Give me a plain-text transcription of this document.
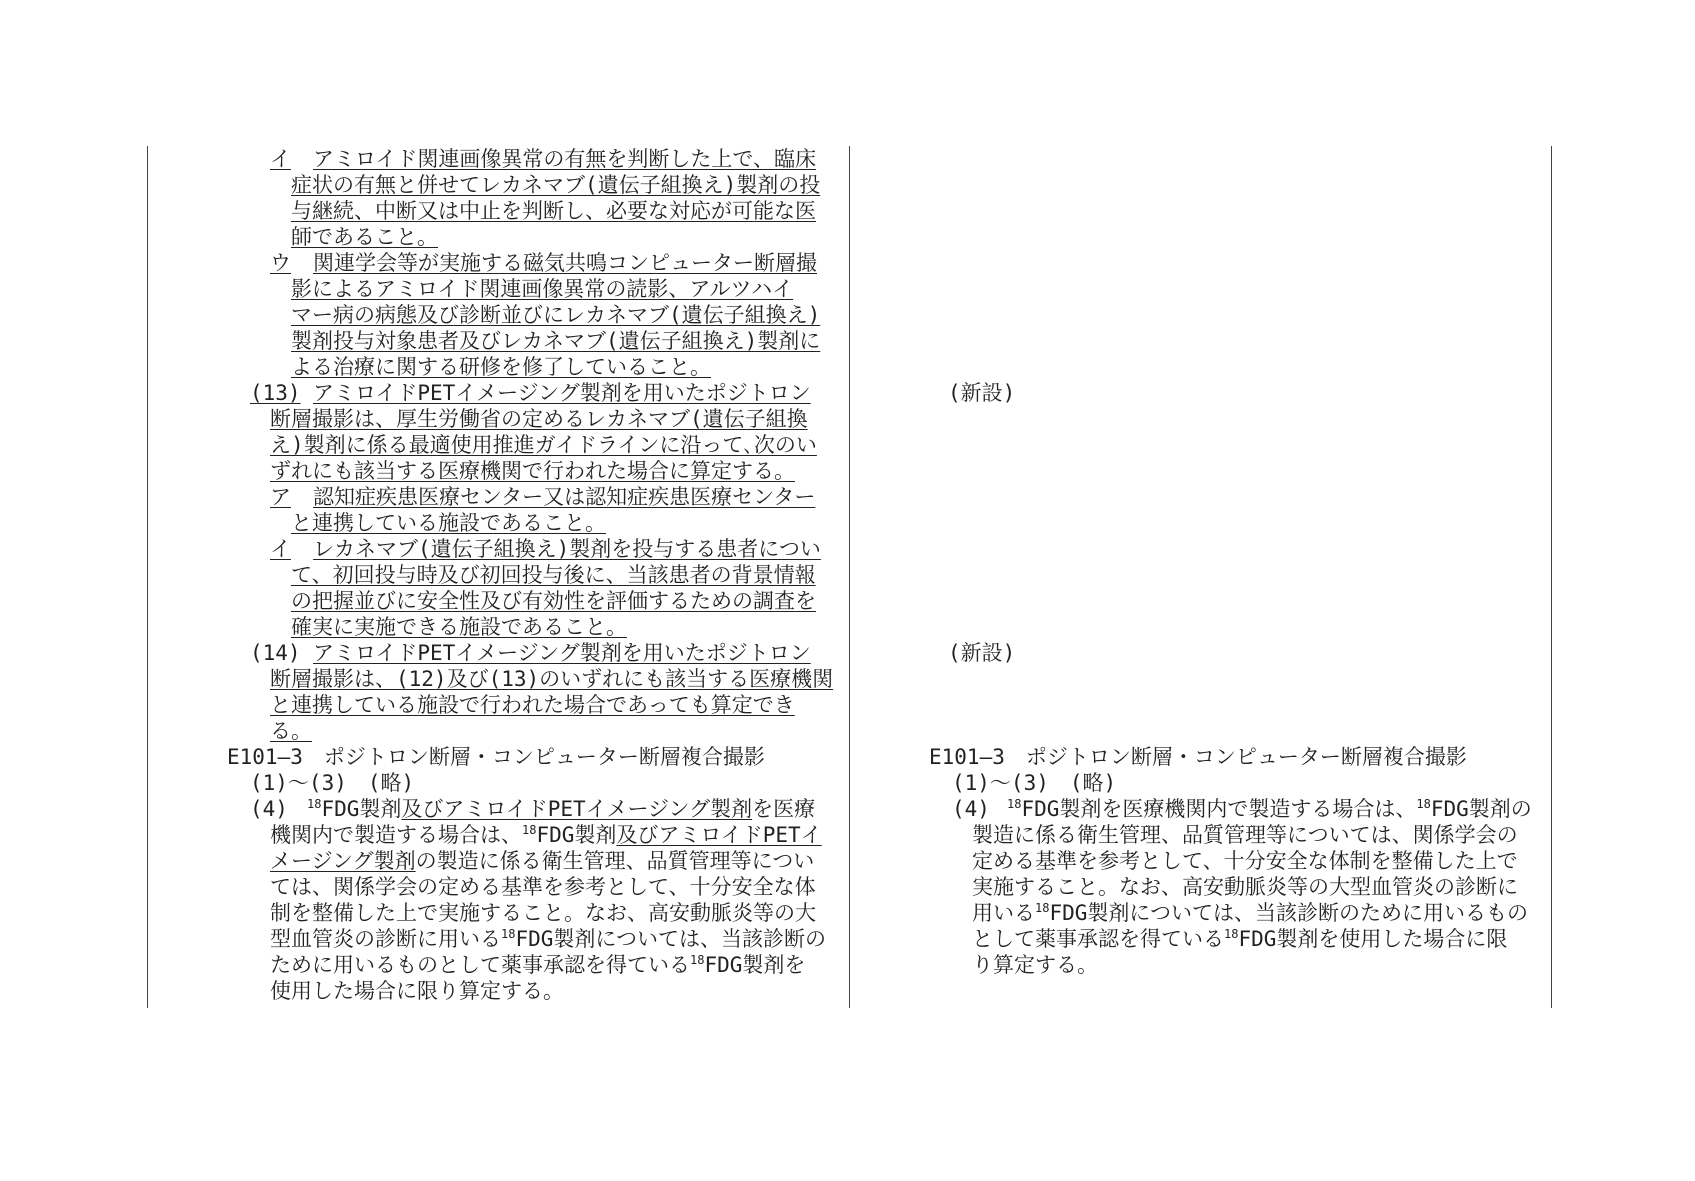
イ アミロイド関連画像異常の有無を判断した上で、臨床
症状の有無と併せてレカネマブ(遺伝子組換え)製剤の投
与継続、中断又は中止を判断し、必要な対応が可能な医
師であること。
ウ 関連学会等が実施する磁気共鳴コンピューター断層撮
影によるアミロイド関連画像異常の読影、アルツハイ
マー病の病態及び診断並びにレカネマブ(遺伝子組換え)
製剤投与対象患者及びレカネマブ(遺伝子組換え)製剤に
よる治療に関する研修を修了していること。
(13) アミロイドPETイメージング製剤を用いたポジトロン
断層撮影は、厚生労働省の定めるレカネマブ(遺伝子組換
え)製剤に係る最適使用推進ガイドラインに沿って､次のい
ずれにも該当する医療機関で行われた場合に算定する。
ア 認知症疾患医療センター又は認知症疾患医療センター
と連携している施設であること。
イ レカネマブ(遺伝子組換え)製剤を投与する患者につい
て、初回投与時及び初回投与後に、当該患者の背景情報
の把握並びに安全性及び有効性を評価するための調査を
確実に実施できる施設であること。
(14) アミロイドPETイメージング製剤を用いたポジトロン
断層撮影は、(12)及び(13)のいずれにも該当する医療機関
と連携している施設で行われた場合であっても算定でき
る。
E101―3　ポジトロン断層・コンピューター断層複合撮影
(1)～(3)　(略)
(4) $^{18}$FDG製剤及びアミロイドPETイメージング製剤を医療
機関内で製造する場合は、$^{18}$FDG製剤及びアミロイドPETイ
メージング製剤の製造に係る衛生管理、品質管理等につい
ては、関係学会の定める基準を参考として、十分安全な体
制を整備した上で実施すること。なお、高安動脈炎等の大
型血管炎の診断に用いる$^{18}$FDG製剤については、当該診断の
ために用いるものとして薬事承認を得ている$^{18}$FDG製剤を
使用した場合に限り算定する。
(新設)
(新設)
E101―3　ポジトロン断層・コンピューター断層複合撮影
(1)～(3)　(略)
(4) $^{18}$FDG製剤を医療機関内で製造する場合は、$^{18}$FDG製剤の
製造に係る衛生管理、品質管理等については、関係学会の
定める基準を参考として、十分安全な体制を整備した上で
実施すること。なお、高安動脈炎等の大型血管炎の診断に
用いる$^{18}$FDG製剤については、当該診断のために用いるもの
として薬事承認を得ている$^{18}$FDG製剤を使用した場合に限
り算定する。
